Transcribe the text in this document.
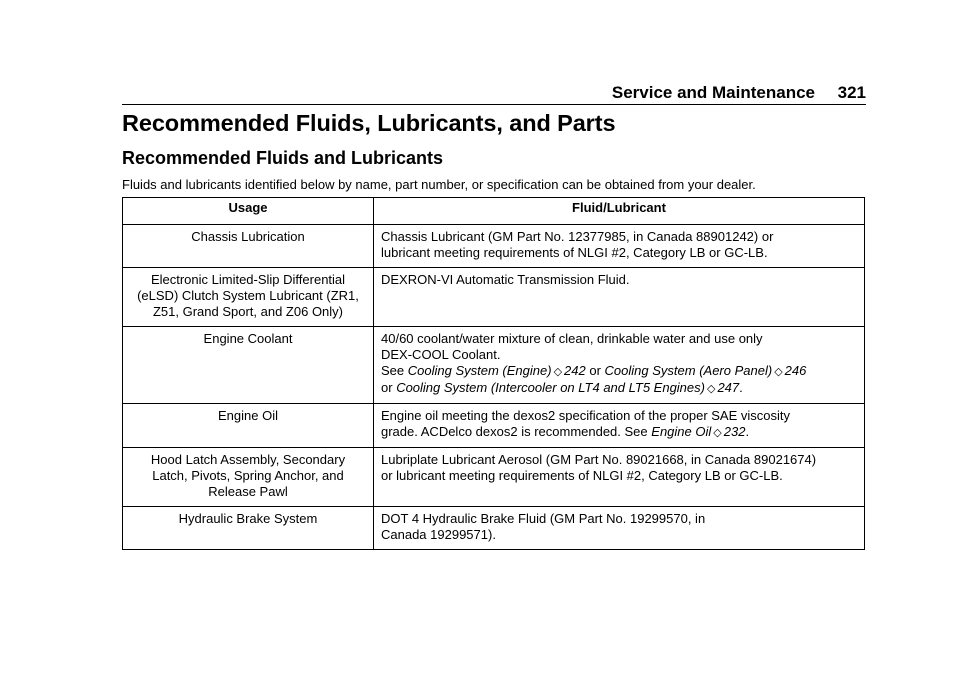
Service and Maintenance 321
Recommended Fluids, Lubricants, and Parts
Recommended Fluids and Lubricants

Fluids and lubricants identified below by name, part number, or specification can be obtained from your dealer.

Usage	Fluid/Lubricant
Chassis Lubrication	Chassis Lubricant (GM Part No. 12377985, in Canada 88901242) or
lubricant meeting requirements of NLGI #2, Category LB or GC-LB.

Electronic Limited-Slip Differential (eLSD) Clutch System Lubricant (ZR1, Z51, Grand Sport, and Z06 Only)	DEXRON-VI Automatic Transmission Fluid.

Engine Coolant	40/60 coolant/water mixture of clean, drinkable water and use only
DEX-COOL Coolant.
See Cooling System (Engine) ◇ 242 or Cooling System (Aero Panel) ◇ 246
or Cooling System (Intercooler on LT4 and LT5 Engines) ◇ 247.

Engine Oil	Engine oil meeting the dexos2 specification of the proper SAE viscosity
grade. ACDelco dexos2 is recommended. See Engine Oil ◇ 232.

Hood Latch Assembly, Secondary Latch, Pivots, Spring Anchor, and Release Pawl	Lubriplate Lubricant Aerosol (GM Part No. 89021668, in Canada 89021674)
or lubricant meeting requirements of NLGI #2, Category LB or GC-LB.

Hydraulic Brake System	DOT 4 Hydraulic Brake Fluid (GM Part No. 19299570, in
Canada 19299571).
